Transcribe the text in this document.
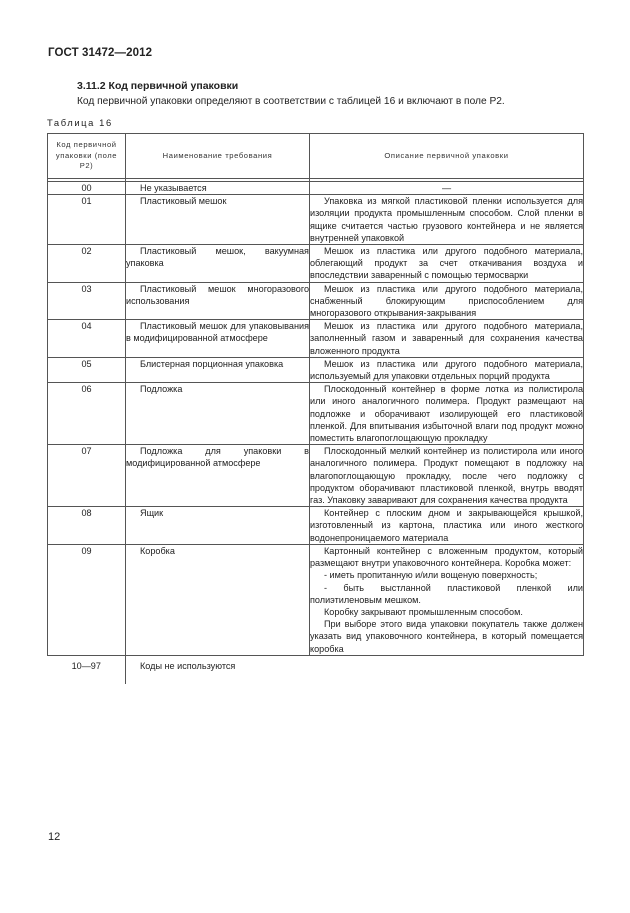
ГОСТ 31472—2012
3.11.2 Код первичной упаковки
Код первичной упаковки определяют в соответствии с таблицей 16 и включают в поле Р2.
Таблица 16
Код первичной упаковки (поле Р2)	Наименование требования	Описание первичной упаковки

00	Не указывается	—

01	Пластиковый мешок	Упаковка из мягкой пластиковой пленки используется для изоляции продукта промышленным способом. Слой пленки в ящике считается частью грузового контейнера и не является внутренней упаковкой

02	Пластиковый мешок, вакуумная упаковка	Мешок из пластика или другого подобного материала, облегающий продукт за счет откачивания воздуха и впоследствии заваренный с помощью термосварки

03	Пластиковый мешок многоразового использования	Мешок из пластика или другого подобного материала, снабженный блокирующим приспособлением для многоразового открывания-закрывания

04	Пластиковый мешок для упаковывания в модифицированной атмосфере	Мешок из пластика или другого подобного материала, заполненный газом и заваренный для сохранения качества вложенного продукта

05	Блистерная порционная упаковка	Мешок из пластика или другого подобного материала, используемый для упаковки отдельных порций продукта

06	Подложка	Плоскодонный контейнер в форме лотка из полистирола или иного аналогичного полимера. Продукт размещают на подложке и оборачивают изолирующей его пластиковой пленкой. Для впитывания избыточной влаги под продукт можно поместить влагопоглощающую прокладку

07	Подложка для упаковки в модифицированной атмосфере	Плоскодонный мелкий контейнер из полистирола или иного аналогичного полимера. Продукт помещают в подложку на влагопоглощающую прокладку, после чего подложку с продуктом оборачивают пластиковой пленкой, внутрь вводят газ. Упаковку заваривают для сохранения качества продукта

08	Ящик	Контейнер с плоским дном и закрывающейся крышкой, изготовленный из картона, пластика или иного жесткого водонепроницаемого материала

09	Коробка	Картонный контейнер с вложенным продуктом, который размещают внутри упаковочного контейнера. Коробка может:

- иметь пропитанную и/или вощеную поверхность;

- быть выстланной пластиковой пленкой или полиэтиленовым мешком.

Коробку закрывают промышленным способом.

При выборе этого вида упаковки покупатель также должен указать вид упаковочного контейнера, в который помещается коробка

10—97	Коды не используются	
12
